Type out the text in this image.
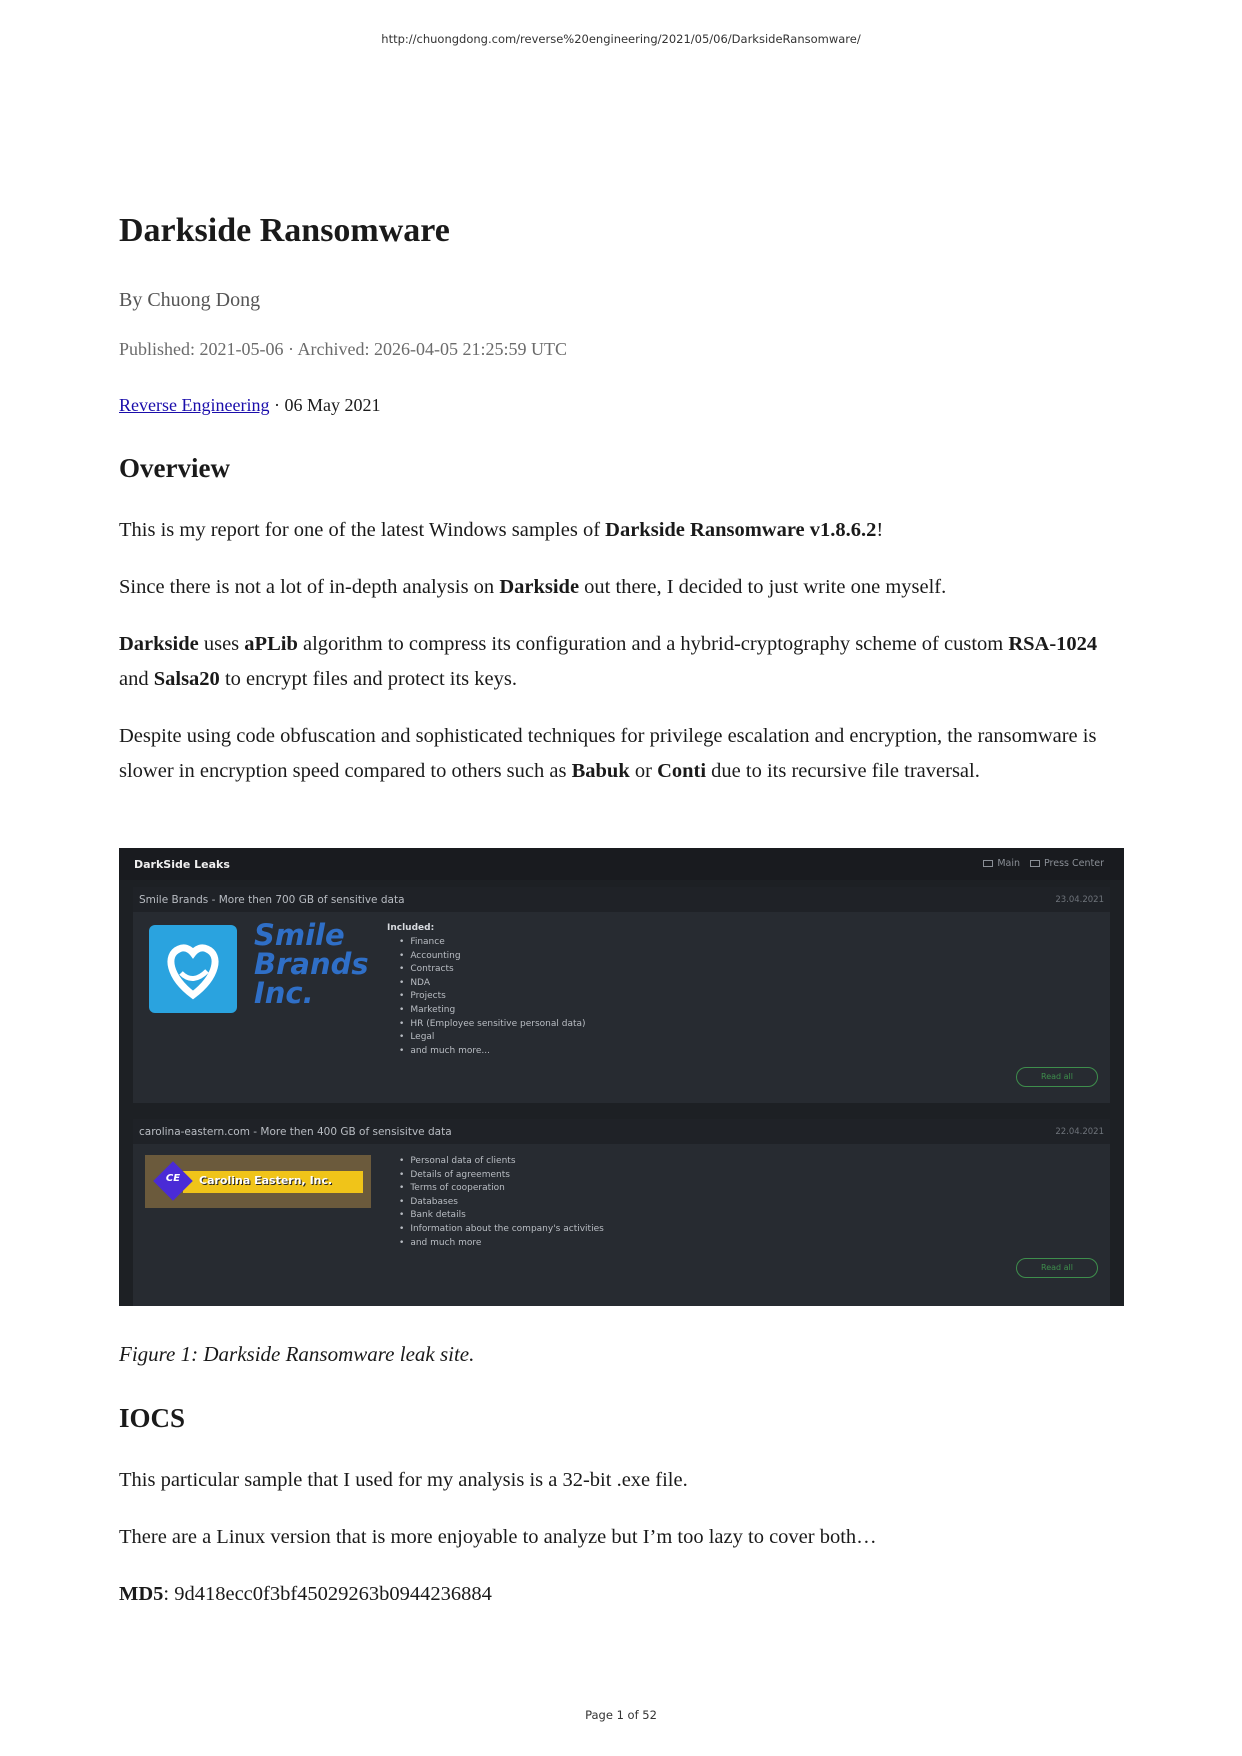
http://chuongdong.com/reverse%20engineering/2021/05/06/DarksideRansomware/
Darkside Ransomware

By Chuong Dong

Published: 2021-05-06 · Archived: 2026-04-05 21:25:59 UTC

Reverse Engineering · 06 May 2021

Overview

This is my report for one of the latest Windows samples of Darkside Ransomware v1.8.6.2!

Since there is not a lot of in-depth analysis on Darkside out there, I decided to just write one myself.

Darkside uses aPLib algorithm to compress its configuration and a hybrid-cryptography scheme of custom RSA-1024 and Salsa20 to encrypt files and protect its keys.

Despite using code obfuscation and sophisticated techniques for privilege escalation and encryption, the ransomware is slower in encryption speed compared to others such as Babuk or Conti due to its recursive file traversal.

DarkSide Leaks	Main	Press Center
Smile Brands - More then 700 GB of sensitive data	23.04.2021
Smile
Brands
Inc.
Included:
• Finance
• Accounting
• Contracts
• NDA
• Projects
• Marketing
• HR (Employee sensitive personal data)
• Legal
• and much more...
Read all
carolina-eastern.com - More then 400 GB of sensisitve data	22.04.2021
Carolina Eastern, Inc.
CE
• Personal data of clients
• Details of agreements
• Terms of cooperation
• Databases
• Bank details
• Information about the company's activities
• and much more
Read all

Figure 1: Darkside Ransomware leak site.

IOCS

This particular sample that I used for my analysis is a 32-bit .exe file.

There are a Linux version that is more enjoyable to analyze but I’m too lazy to cover both…

MD5: 9d418ecc0f3bf45029263b0944236884

Page 1 of 52
